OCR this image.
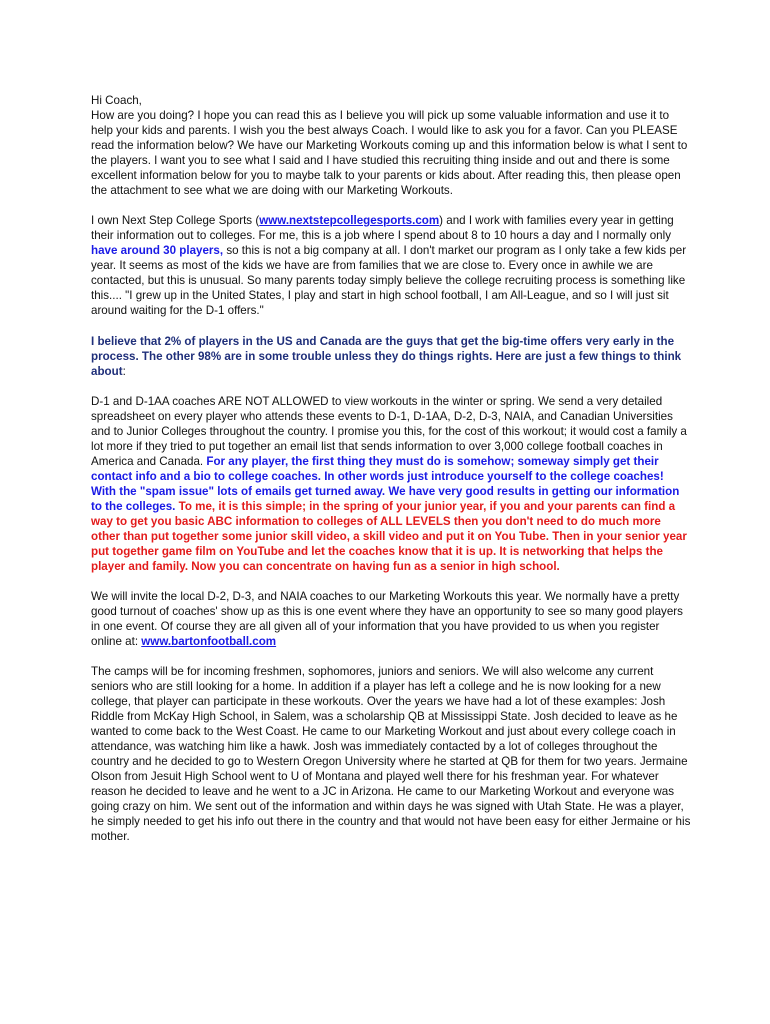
Hi Coach,

How are you doing? I hope you can read this as I believe you will pick up some valuable information and use it to help your kids and parents. I wish you the best always Coach. I would like to ask you for a favor. Can you PLEASE read the information below? We have our Marketing Workouts coming up and this information below is what I sent to the players. I want you to see what I said and I have studied this recruiting thing inside and out and there is some excellent information below for you to maybe talk to your parents or kids about. After reading this, then please open the attachment to see what we are doing with our Marketing Workouts.

I own Next Step College Sports (www.nextstepcollegesports.com) and I work with families every year in getting their information out to colleges. For me, this is a job where I spend about 8 to 10 hours a day and I normally only have around 30 players, so this is not a big company at all. I don't market our program as I only take a few kids per year. It seems as most of the kids we have are from families that we are close to. Every once in awhile we are contacted, but this is unusual. So many parents today simply believe the college recruiting process is something like this.... "I grew up in the United States, I play and start in high school football, I am All-League, and so I will just sit around waiting for the D-1 offers."

I believe that 2% of players in the US and Canada are the guys that get the big-time offers very early in the process. The other 98% are in some trouble unless they do things rights. Here are just a few things to think about:

D-1 and D-1AA coaches ARE NOT ALLOWED to view workouts in the winter or spring. We send a very detailed spreadsheet on every player who attends these events to D-1, D-1AA, D-2, D-3, NAIA, and Canadian Universities and to Junior Colleges throughout the country. I promise you this, for the cost of this workout; it would cost a family a lot more if they tried to put together an email list that sends information to over 3,000 college football coaches in America and Canada. For any player, the first thing they must do is somehow; someway simply get their contact info and a bio to college coaches. In other words just introduce yourself to the college coaches! With the "spam issue" lots of emails get turned away. We have very good results in getting our information to the colleges. To me, it is this simple; in the spring of your junior year, if you and your parents can find a way to get you basic ABC information to colleges of ALL LEVELS then you don't need to do much more other than put together some junior skill video, a skill video and put it on You Tube. Then in your senior year put together game film on YouTube and let the coaches know that it is up. It is networking that helps the player and family. Now you can concentrate on having fun as a senior in high school.

We will invite the local D-2, D-3, and NAIA coaches to our Marketing Workouts this year. We normally have a pretty good turnout of coaches' show up as this is one event where they have an opportunity to see so many good players in one event. Of course they are all given all of your information that you have provided to us when you register online at: www.bartonfootball.com

The camps will be for incoming freshmen, sophomores, juniors and seniors. We will also welcome any current seniors who are still looking for a home. In addition if a player has left a college and he is now looking for a new college, that player can participate in these workouts. Over the years we have had a lot of these examples: Josh Riddle from McKay High School, in Salem, was a scholarship QB at Mississippi State. Josh decided to leave as he wanted to come back to the West Coast. He came to our Marketing Workout and just about every college coach in attendance, was watching him like a hawk. Josh was immediately contacted by a lot of colleges throughout the country and he decided to go to Western Oregon University where he started at QB for them for two years. Jermaine Olson from Jesuit High School went to U of Montana and played well there for his freshman year. For whatever reason he decided to leave and he went to a JC in Arizona. He came to our Marketing Workout and everyone was going crazy on him. We sent out of the information and within days he was signed with Utah State. He was a player, he simply needed to get his info out there in the country and that would not have been easy for either Jermaine or his mother.
